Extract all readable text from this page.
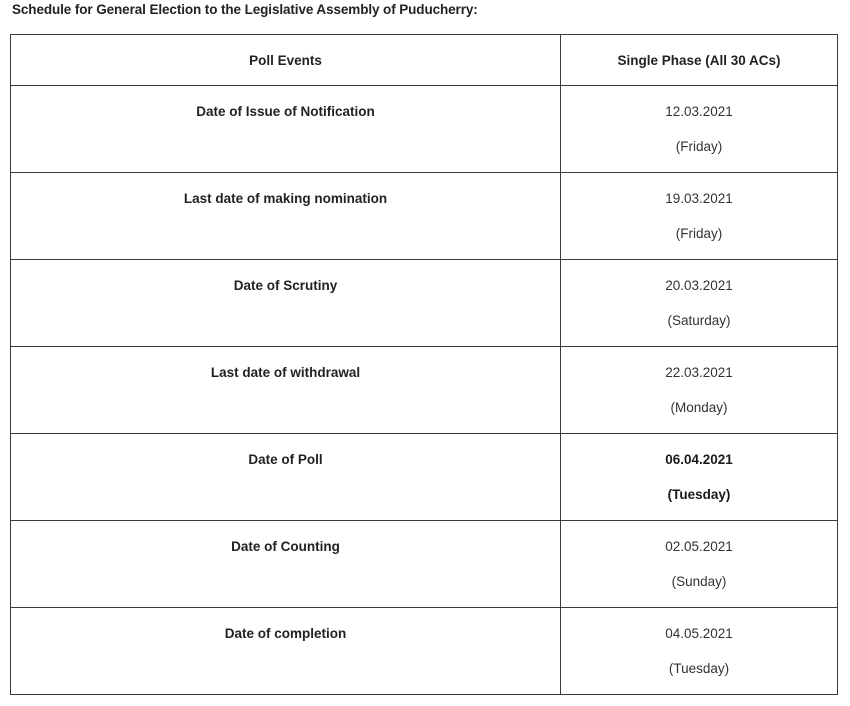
Schedule for General Election to the Legislative Assembly of Puducherry:
Poll Events	Single Phase (All 30 ACs)

Date of Issue of Notification	12.03.2021
(Friday)

Last date of making nomination	19.03.2021
(Friday)

Date of Scrutiny	20.03.2021
(Saturday)

Last date of withdrawal	22.03.2021
(Monday)

Date of Poll	06.04.2021
(Tuesday)

Date of Counting	02.05.2021
(Sunday)

Date of completion	04.05.2021
(Tuesday)
